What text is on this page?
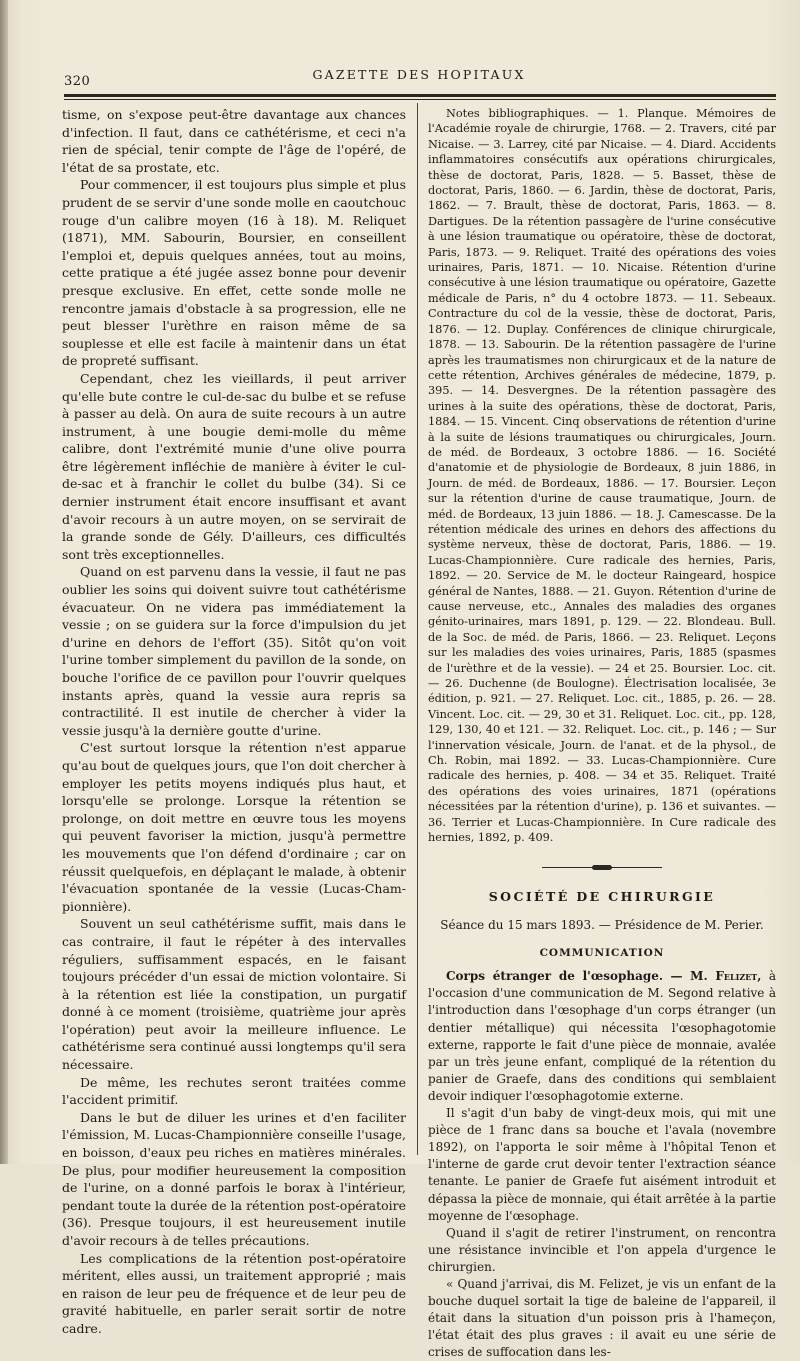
320	GAZETTE DES HOPITAUX

tisme, on s'expose peut-être davantage aux chances d'infection. Il faut, dans ce cathétérisme, et ceci n'a rien de spécial, tenir compte de l'âge de l'opéré, de l'état de sa prostate, etc.

Pour commencer, il est toujours plus simple et plus prudent de se servir d'une sonde molle en caoutchouc rouge d'un calibre moyen (16 à 18). M. Reliquet (1871), MM. Sabourin, Boursier, en conseillent l'emploi et, depuis quelques années, tout au moins, cette pratique a été jugée assez bonne pour devenir presque exclusive. En effet, cette sonde molle ne rencontre jamais d'obstacle à sa progression, elle ne peut blesser l'urèthre en raison même de sa souplesse et elle est facile à maintenir dans un état de propreté suffisant.

Cependant, chez les vieillards, il peut arriver qu'elle bute contre le cul-de-sac du bulbe et se refuse à passer au delà. On aura de suite recours à un autre instrument, à une bougie demi-molle du même calibre, dont l'extrémité munie d'une olive pourra être légèrement infléchie de manière à éviter le cul-de-sac et à franchir le collet du bulbe (34). Si ce dernier instrument était encore insuffisant et avant d'avoir recours à un autre moyen, on se servirait de la grande sonde de Gély. D'ailleurs, ces difficultés sont très exceptionnelles.

Quand on est parvenu dans la vessie, il faut ne pas oublier les soins qui doivent suivre tout cathétérisme évacuateur. On ne videra pas immédiatement la vessie ; on se guidera sur la force d'impulsion du jet d'urine en dehors de l'effort (35). Sitôt qu'on voit l'urine tomber simplement du pavillon de la sonde, on bouche l'orifice de ce pavillon pour l'ouvrir quelques instants après, quand la vessie aura repris sa contractilité. Il est inutile de chercher à vider la vessie jusqu'à la dernière goutte d'urine.

C'est surtout lorsque la rétention n'est apparue qu'au bout de quelques jours, que l'on doit chercher à employer les petits moyens indiqués plus haut, et lorsqu'elle se prolonge. Lorsque la rétention se prolonge, on doit mettre en œuvre tous les moyens qui peuvent favoriser la miction, jusqu'à permettre les mouvements que l'on défend d'ordinaire ; car on réussit quelquefois, en déplaçant le malade, à obtenir l'évacuation spontanée de la vessie (Lucas-Championnière).

Souvent un seul cathétérisme suffit, mais dans le cas contraire, il faut le répéter à des intervalles réguliers, suffisamment espacés, en le faisant toujours précéder d'un essai de miction volontaire. Si à la rétention est liée la constipation, un purgatif donné à ce moment (troisième, quatrième jour après l'opération) peut avoir la meilleure influence. Le cathétérisme sera continué aussi longtemps qu'il sera nécessaire.

De même, les rechutes seront traitées comme l'accident primitif.

Dans le but de diluer les urines et d'en faciliter l'émission, M. Lucas-Championnière conseille l'usage, en boisson, d'eaux peu riches en matières minérales. De plus, pour modifier heureusement la composition de l'urine, on a donné parfois le borax à l'intérieur, pendant toute la durée de la rétention post-opératoire (36). Presque toujours, il est heureusement inutile d'avoir recours à de telles précautions.

Les complications de la rétention post-opératoire méritent, elles aussi, un traitement approprié ; mais en raison de leur peu de fréquence et de leur peu de gravité habituelle, en parler serait sortir de notre cadre.

Notes bibliographiques. — 1. Planque. Mémoires de l'Académie royale de chirurgie, 1768. — 2. Travers, cité par Nicaise. — 3. Larrey, cité par Nicaise. — 4. Diard. Accidents inflammatoires consécutifs aux opérations chirurgicales, thèse de doctorat, Paris, 1828. — 5. Basset, thèse de doctorat, Paris, 1860. — 6. Jardin, thèse de doctorat, Paris, 1862. — 7. Brault, thèse de doctorat, Paris, 1863. — 8. Dartigues. De la rétention passagère de l'urine consécutive à une lésion traumatique ou opératoire, thèse de doctorat, Paris, 1873. — 9. Reliquet. Traité des opérations des voies urinaires, Paris, 1871. — 10. Nicaise. Rétention d'urine consécutive à une lésion traumatique ou opératoire, Gazette médicale de Paris, n° du 4 octobre 1873. — 11. Sebeaux. Contracture du col de la vessie, thèse de doctorat, Paris, 1876. — 12. Duplay. Conférences de clinique chirurgicale, 1878. — 13. Sabourin. De la rétention passagère de l'urine après les traumatismes non chirurgicaux et de la nature de cette rétention, Archives générales de médecine, 1879, p. 395. — 14. Desvergnes. De la rétention passagère des urines à la suite des opérations, thèse de doctorat, Paris, 1884. — 15. Vincent. Cinq observations de rétention d'urine à la suite de lésions traumatiques ou chirurgicales, Journ. de méd. de Bordeaux, 3 octobre 1886. — 16. Société d'anatomie et de physiologie de Bordeaux, 8 juin 1886, in Journ. de méd. de Bordeaux, 1886. — 17. Boursier. Leçon sur la rétention d'urine de cause traumatique, Journ. de méd. de Bordeaux, 13 juin 1886. — 18. J. Camescasse. De la rétention médicale des urines en dehors des affections du système nerveux, thèse de doctorat, Paris, 1886. — 19. Lucas-Championnière. Cure radicale des hernies, Paris, 1892. — 20. Service de M. le docteur Raingeard, hospice général de Nantes, 1888. — 21. Guyon. Rétention d'urine de cause nerveuse, etc., Annales des maladies des organes génito-urinaires, mars 1891, p. 129. — 22. Blondeau. Bull. de la Soc. de méd. de Paris, 1866. — 23. Reliquet. Leçons sur les maladies des voies urinaires, Paris, 1885 (spasmes de l'urèthre et de la vessie). — 24 et 25. Boursier. Loc. cit. — 26. Duchenne (de Boulogne). Électrisation localisée, 3e édition, p. 921. — 27. Reliquet. Loc. cit., 1885, p. 26. — 28. Vincent. Loc. cit. — 29, 30 et 31. Reliquet. Loc. cit., pp. 128, 129, 130, 40 et 121. — 32. Reliquet. Loc. cit., p. 146 ; — Sur l'innervation vésicale, Journ. de l'anat. et de la physol., de Ch. Robin, mai 1892. — 33. Lucas-Championnière. Cure radicale des hernies, p. 408. — 34 et 35. Reliquet. Traité des opérations des voies urinaires, 1871 (opérations nécessitées par la rétention d'urine), p. 136 et suivantes. — 36. Terrier et Lucas-Championnière. In Cure radicale des hernies, 1892, p. 409.

SOCIÉTÉ DE CHIRURGIE
Séance du 15 mars 1893. — Présidence de M. Perier.
COMMUNICATION

Corps étranger de l'œsophage. — M. Felizet, à l'occasion d'une communication de M. Segond relative à l'introduction dans l'œsophage d'un corps étranger (un dentier métallique) qui nécessita l'œsophagotomie externe, rapporte le fait d'une pièce de monnaie, avalée par un très jeune enfant, compliqué de la rétention du panier de Graefe, dans des conditions qui semblaient devoir indiquer l'œsophagotomie externe.

Il s'agit d'un baby de vingt-deux mois, qui mit une pièce de 1 franc dans sa bouche et l'avala (novembre 1892), on l'apporta le soir même à l'hôpital Tenon et l'interne de garde crut devoir tenter l'extraction séance tenante. Le panier de Graefe fut aisément introduit et dépassa la pièce de monnaie, qui était arrêtée à la partie moyenne de l'œsophage.

Quand il s'agit de retirer l'instrument, on rencontra une résistance invincible et l'on appela d'urgence le chirurgien.

« Quand j'arrivai, dis M. Felizet, je vis un enfant de la bouche duquel sortait la tige de baleine de l'appareil, il était dans la situation d'un poisson pris à l'hameçon, l'état était des plus graves : il avait eu une série de crises de suffocation dans les-
